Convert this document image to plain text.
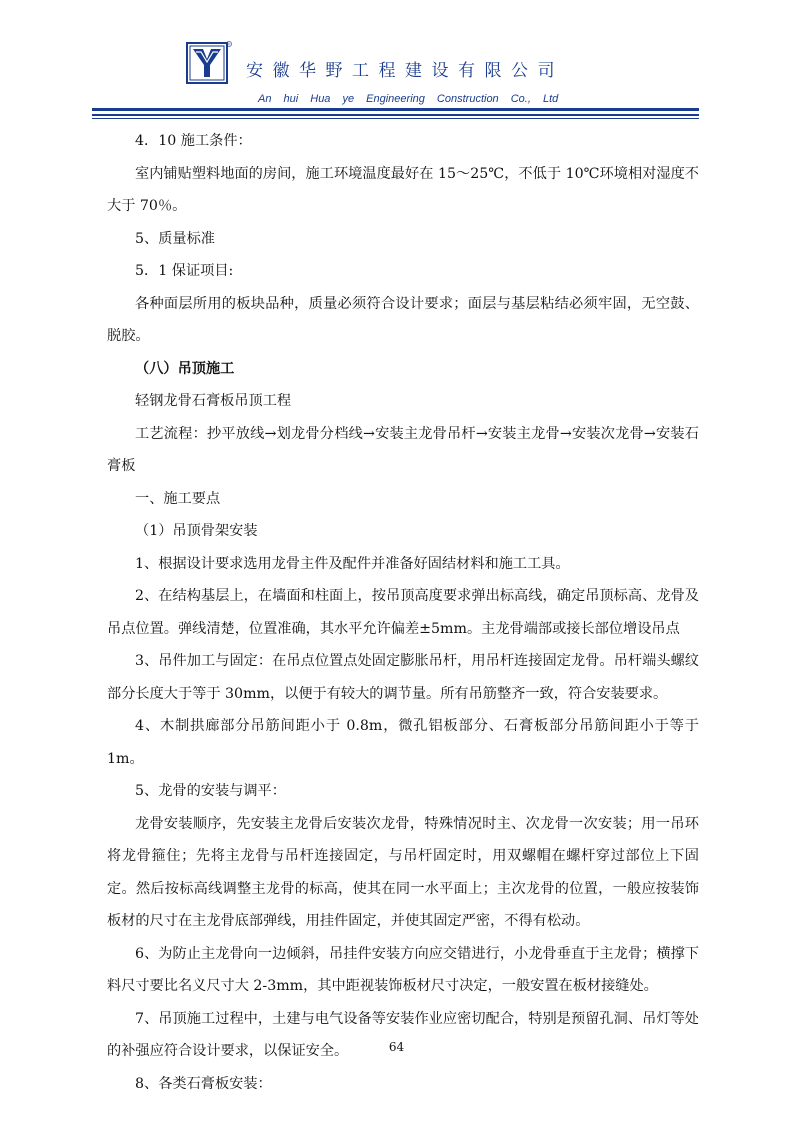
®
安徽华野工程建设有限公司
An hui Hua ye Engineering Construction Co., Ltd

4．10 施工条件：

室内铺贴塑料地面的房间，施工环境温度最好在 15～25℃，不低于 10℃环境相对湿度不大于 70％。

5、质量标准

5．1 保证项目:

各种面层所用的板块品种，质量必须符合设计要求；面层与基层粘结必须牢固，无空鼓、脱胶。

（八）吊顶施工

轻钢龙骨石膏板吊顶工程

工艺流程：抄平放线→划龙骨分档线→安装主龙骨吊杆→安装主龙骨→安装次龙骨→安装石膏板

一、施工要点

（1）吊顶骨架安装

1、根据设计要求选用龙骨主件及配件并准备好固结材料和施工工具。

2、在结构基层上，在墙面和柱面上，按吊顶高度要求弹出标高线，确定吊顶标高、龙骨及吊点位置。弹线清楚，位置准确，其水平允许偏差±5mm。主龙骨端部或接长部位增设吊点

3、吊件加工与固定：在吊点位置点处固定膨胀吊杆，用吊杆连接固定龙骨。吊杆端头螺纹部分长度大于等于 30mm，以便于有较大的调节量。所有吊筋整齐一致，符合安装要求。

4、木制拱廊部分吊筋间距小于 0.8m，微孔铝板部分、石膏板部分吊筋间距小于等于 1m。

5、龙骨的安装与调平：

龙骨安装顺序，先安装主龙骨后安装次龙骨，特殊情况时主、次龙骨一次安装；用一吊环将龙骨箍住；先将主龙骨与吊杆连接固定，与吊杆固定时，用双螺帽在螺杆穿过部位上下固定。然后按标高线调整主龙骨的标高，使其在同一水平面上；主次龙骨的位置，一般应按装饰板材的尺寸在主龙骨底部弹线，用挂件固定，并使其固定严密，不得有松动。

6、为防止主龙骨向一边倾斜，吊挂件安装方向应交错进行，小龙骨垂直于主龙骨；横撑下料尺寸要比名义尺寸大 2-3mm，其中距视装饰板材尺寸决定，一般安置在板材接缝处。

7、吊顶施工过程中，土建与电气设备等安装作业应密切配合，特别是预留孔洞、吊灯等处的补强应符合设计要求，以保证安全。

8、各类石膏板安装：

64
